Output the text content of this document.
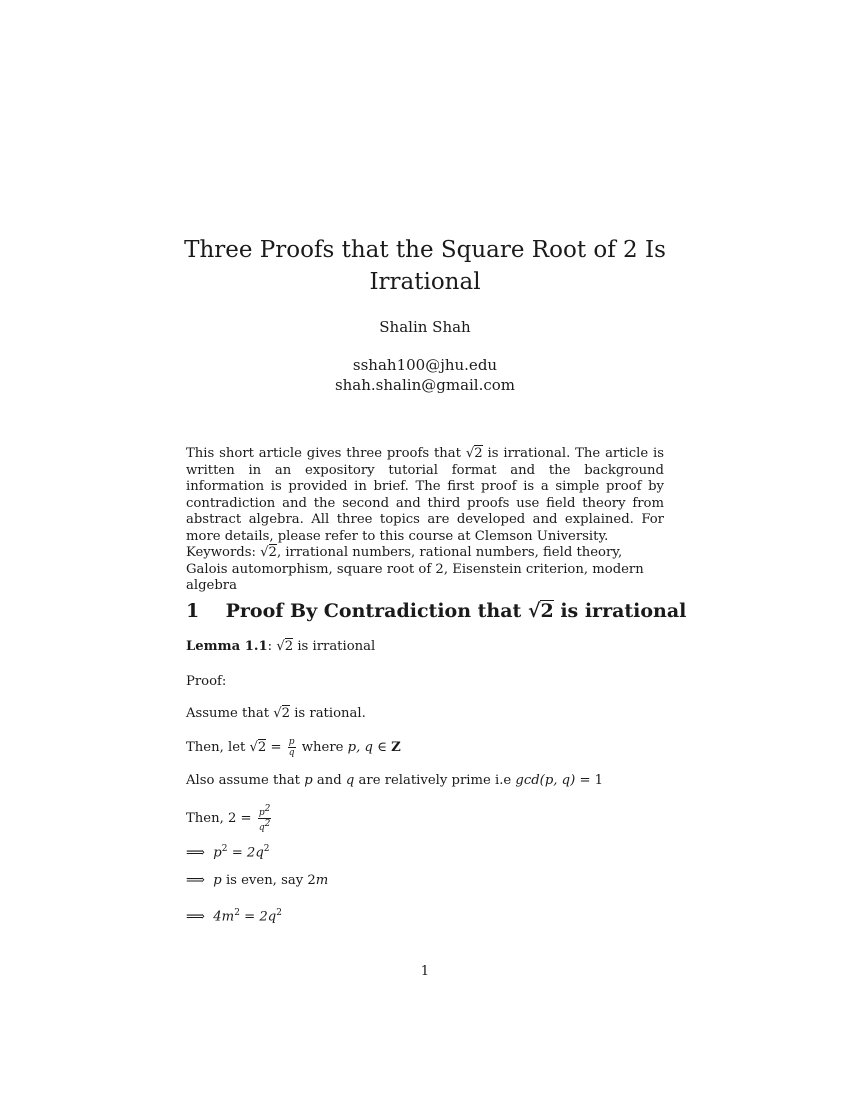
Three Proofs that the Square Root of 2 Is
Irrational
Shalin Shah
sshah100@jhu.edu
shah.shalin@gmail.com
This short article gives three proofs that √2 is irrational. The article is written in an expository tutorial format and the background information is provided in brief. The first proof is a simple proof by contradiction and the second and third proofs use field theory from abstract algebra. All three topics are developed and explained. For more details, please refer to this course at Clemson University.
Keywords: √2, irrational numbers, rational numbers, field theory, Galois automorphism, square root of 2, Eisenstein criterion, modern algebra
1 Proof By Contradiction that √2 is irrational
Lemma 1.1: √2 is irrational
Proof:
Assume that √2 is rational.
Then, let $√2 = \frac{p}{q}$ where p, q ∈ Z
Also assume that p and q are relatively prime i.e gcd(p, q) = 1
Then, $2 = \frac{p^2}{q^2}$
⟹ $p^2 = 2q^2$
⟹ p is even, say 2m
⟹ $4m^2 = 2q^2$
1
